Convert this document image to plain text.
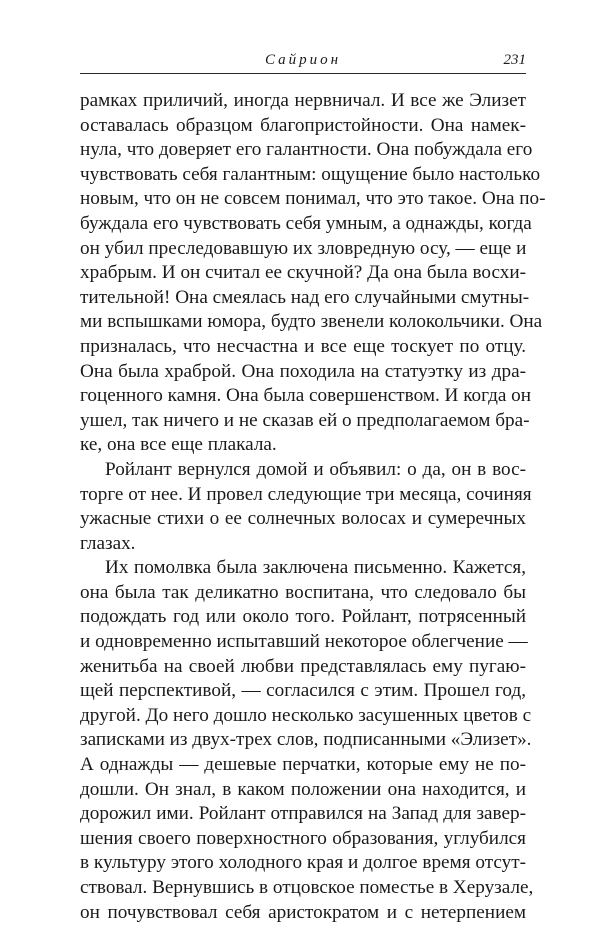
Сайрион	231
рамках приличий, иногда нервничал. И все же Элизет
оставалась образцом благопристойности. Она намек-
нула, что доверяет его галантности. Она побуждала его
чувствовать себя галантным: ощущение было настолько
новым, что он не совсем понимал, что это такое. Она по-
буждала его чувствовать себя умным, а однажды, когда
он убил преследовавшую их зловредную осу, — еще и
храбрым. И он считал ее скучной? Да она была восхи-
тительной! Она смеялась над его случайными смутны-
ми вспышками юмора, будто звенели колокольчики. Она
призналась, что несчастна и все еще тоскует по отцу.
Она была храброй. Она походила на статуэтку из дра-
гоценного камня. Она была совершенством. И когда он
ушел, так ничего и не сказав ей о предполагаемом бра-
ке, она все еще плакала.
Ройлант вернулся домой и объявил: о да, он в вос-
торге от нее. И провел следующие три месяца, сочиняя
ужасные стихи о ее солнечных волосах и сумеречных
глазах.
Их помолвка была заключена письменно. Кажется,
она была так деликатно воспитана, что следовало бы
подождать год или около того. Ройлант, потрясенный
и одновременно испытавший некоторое облегчение —
женитьба на своей любви представлялась ему пугаю-
щей перспективой, — согласился с этим. Прошел год,
другой. До него дошло несколько засушенных цветов с
записками из двух-трех слов, подписанными «Элизет».
А однажды — дешевые перчатки, которые ему не по-
дошли. Он знал, в каком положении она находится, и
дорожил ими. Ройлант отправился на Запад для завер-
шения своего поверхностного образования, углубился
в культуру этого холодного края и долгое время отсут-
ствовал. Вернувшись в отцовское поместье в Херузале,
он почувствовал себя аристократом и с нетерпением
